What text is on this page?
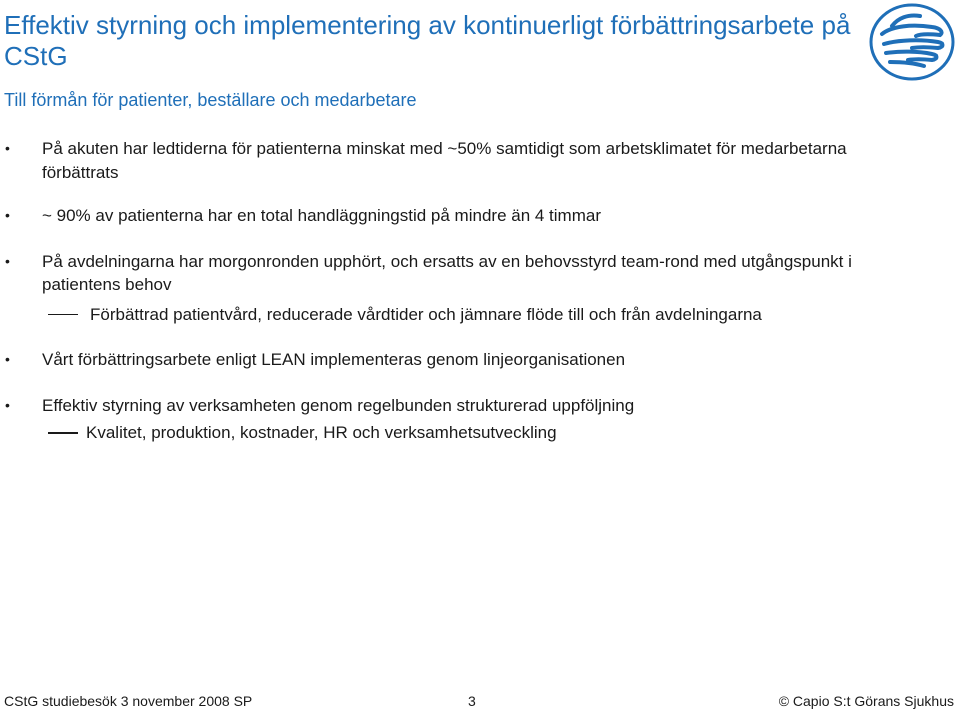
Effektiv styrning och implementering av kontinuerligt förbättringsarbete på CStG
Till förmån för patienter, beställare och medarbetare
• På akuten har ledtiderna för patienterna minskat med ~50% samtidigt som arbetsklimatet för medarbetarna förbättrats
• ~ 90% av patienterna har en total handläggningstid på mindre än 4 timmar
• På avdelningarna har morgonronden upphört, och ersatts av en behovsstyrd team-rond med utgångspunkt i patientens behov
Förbättrad patientvård, reducerade vårdtider och jämnare flöde till och från avdelningarna
• Vårt förbättringsarbete enligt LEAN implementeras genom linjeorganisationen
• Effektiv styrning av verksamheten genom regelbunden strukturerad uppföljning
Kvalitet, produktion, kostnader, HR och verksamhetsutveckling
CStG studiebesök 3 november 2008 SP	3	© Capio S:t Görans Sjukhus
